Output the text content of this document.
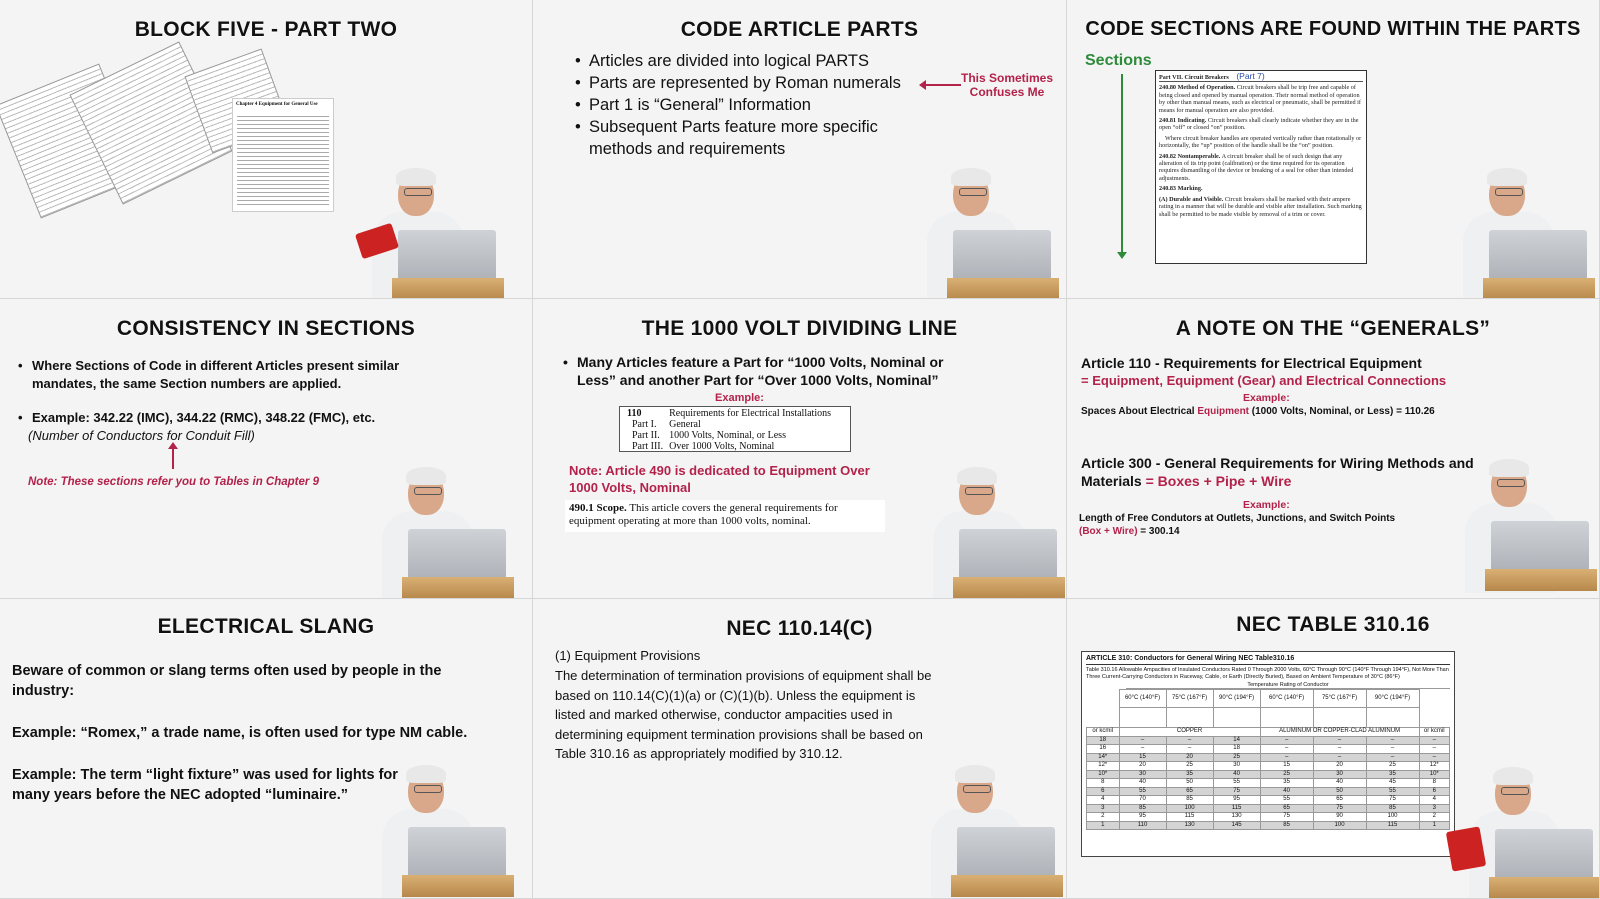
BLOCK FIVE - PART TWO
Chapter 4 Equipment for General Use
CODE ARTICLE PARTS
• Articles are divided into logical PARTS
• Parts are represented by Roman numerals
• Part 1 is “General” Information
• Subsequent Parts feature more specific methods and requirements
This Sometimes
Confuses Me
CODE SECTIONS ARE FOUND WITHIN THE PARTS
Sections
Part VII. Circuit Breakers (Part 7)
240.80 Method of Operation. Circuit breakers shall be trip free and capable of being closed and opened by manual operation. Their normal method of operation by other than manual means, such as electrical or pneumatic, shall be permitted if means for manual operation are also provided.
240.81 Indicating. Circuit breakers shall clearly indicate whether they are in the open “off” or closed “on” position.
Where circuit breaker handles are operated vertically rather than rotationally or horizontally, the “up” position of the handle shall be the “on” position.
240.82 Nontamperable. A circuit breaker shall be of such design that any alteration of its trip point (calibration) or the time required for its operation requires dismantling of the device or breaking of a seal for other than intended adjustments.
240.83 Marking.
(A) Durable and Visible. Circuit breakers shall be marked with their ampere rating in a manner that will be durable and visible after installation. Such marking shall be permitted to be made visible by removal of a trim or cover.
CONSISTENCY IN SECTIONS
• Where Sections of Code in different Articles present similar mandates, the same Section numbers are applied.
• Example: 342.22 (IMC), 344.22 (RMC), 348.22 (FMC), etc.
(Number of Conductors for Conduit Fill)
Note: These sections refer you to Tables in Chapter 9
THE 1000 VOLT DIVIDING LINE
• Many Articles feature a Part for “1000 Volts, Nominal or Less” and another Part for “Over 1000 Volts, Nominal”
Example:
110	Requirements for Electrical Installations
Part I.	General
Part II.	1000 Volts, Nominal, or Less
Part III.	Over 1000 Volts, Nominal
Note: Article 490 is dedicated to Equipment Over 1000 Volts, Nominal
490.1 Scope. This article covers the general requirements for equipment operating at more than 1000 volts, nominal.
A NOTE ON THE “GENERALS”
Article 110 - Requirements for Electrical Equipment
= Equipment, Equipment (Gear) and Electrical Connections
Example:
Spaces About Electrical Equipment (1000 Volts, Nominal, or Less) = 110.26
Article 300 - General Requirements for Wiring Methods and Materials = Boxes + Pipe + Wire
Example:
Length of Free Condutors at Outlets, Junctions, and Switch Points
(Box + Wire) = 300.14
ELECTRICAL SLANG
Beware of common or slang terms often used by people in the industry:
Example: “Romex,” a trade name, is often used for type NM cable.
Example: The term “light fixture” was used for lights for many years before the NEC adopted “luminaire.”
NEC 110.14(C)
(1) Equipment Provisions
The determination of termination provisions of equipment shall be based on 110.14(C)(1)(a) or (C)(1)(b). Unless the equipment is listed and marked otherwise, conductor ampacities used in determining equipment termination provisions shall be based on Table 310.16 as appropriately modified by 310.12.
NEC TABLE 310.16
ARTICLE 310: Conductors for General Wiring NEC Table310.16
Table 310.16 Allowable Ampacities of Insulated Conductors Rated 0 Through 2000 Volts, 60°C Through 90°C (140°F Through 194°F), Not More Than Three Current-Carrying Conductors in Raceway, Cable, or Earth (Directly Buried), Based on Ambient Temperature of 30°C (86°F)
Temperature Rating of Conductor
	60°C (140°F)	75°C (167°F)	90°C (194°F)	60°C (140°F)	75°C (167°F)	90°C (194°F)	

or kcmil	COPPER			ALUMINUM OR COPPER-CLAD ALUMINUM			or kcmil
18	–	–	14	–	–	–	–
16	–	–	18	–	–	–	–
14*	15	20	25	–	–	–	–
12*	20	25	30	15	20	25	12*
10*	30	35	40	25	30	35	10*
8	40	50	55	35	40	45	8
6	55	65	75	40	50	55	6
4	70	85	95	55	65	75	4
3	85	100	115	65	75	85	3
2	95	115	130	75	90	100	2
1	110	130	145	85	100	115	1
